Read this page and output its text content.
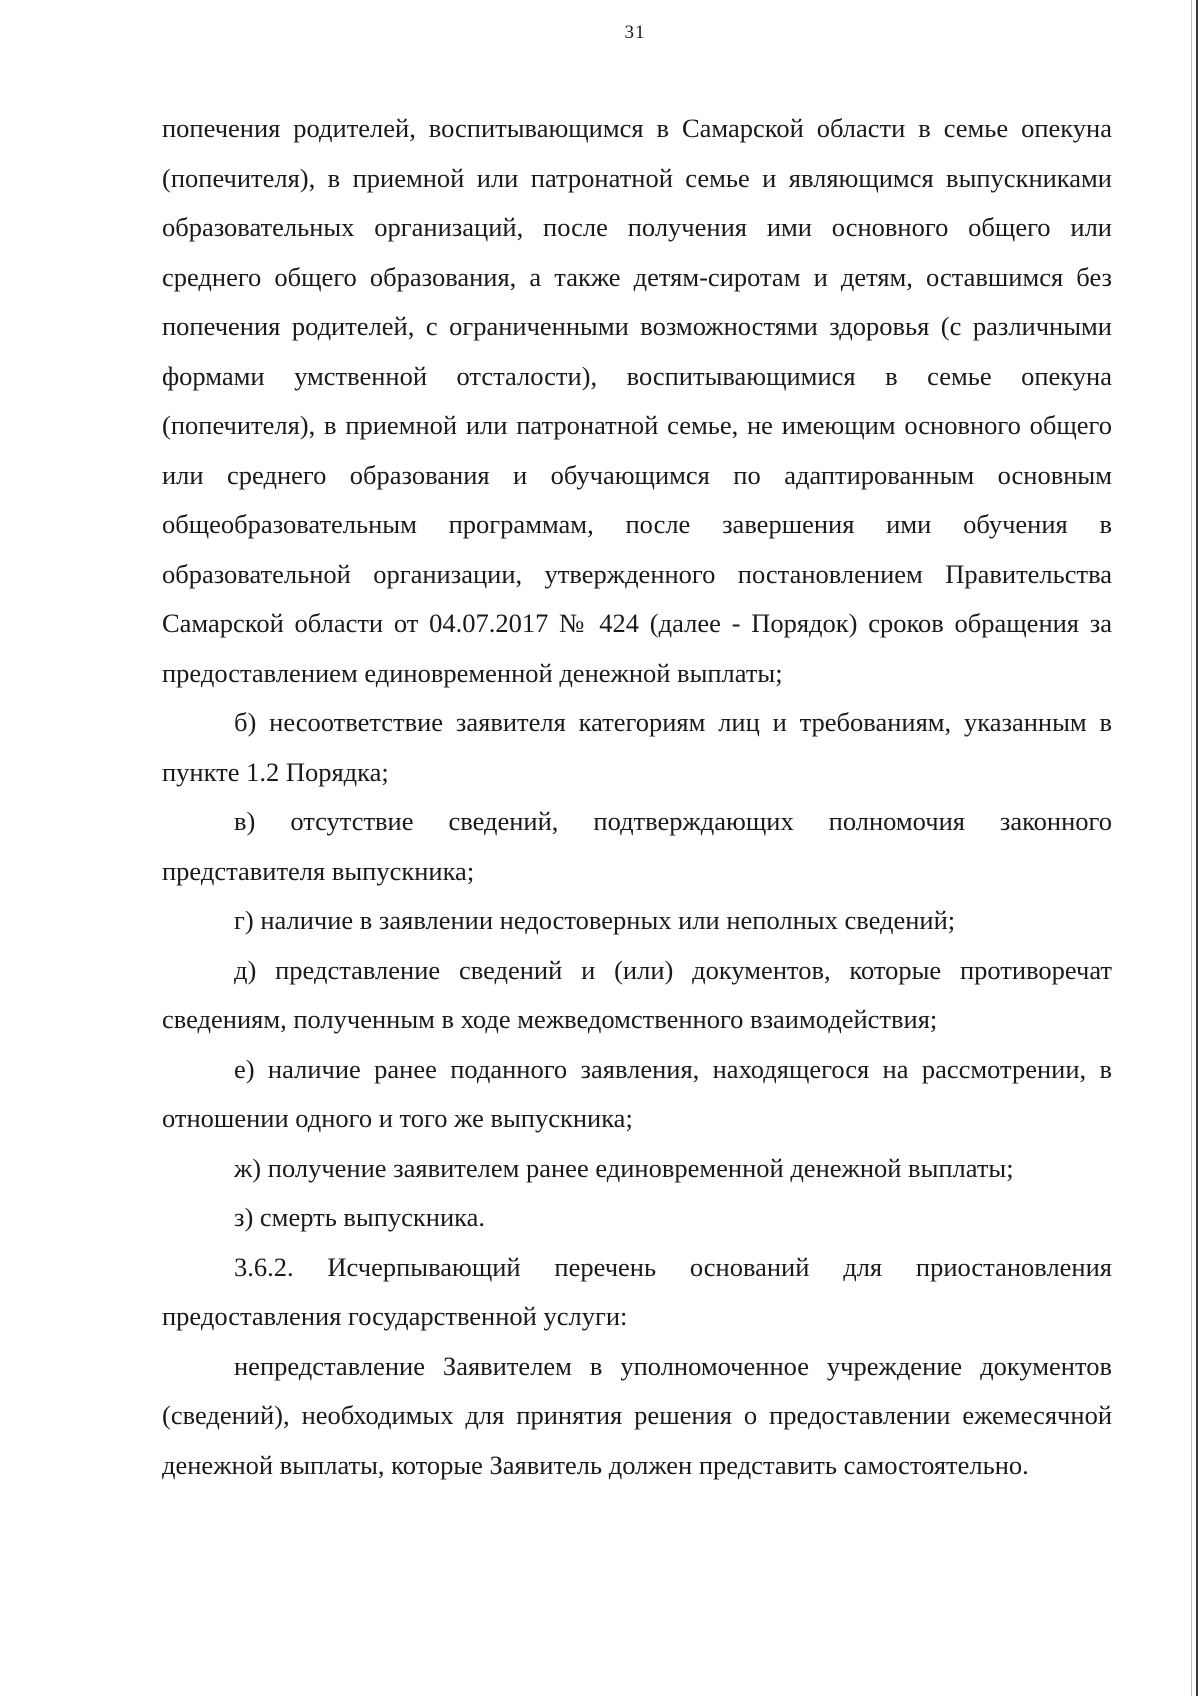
31

попечения родителей, воспитывающимся в Самарской области в семье опекуна (попечителя), в приемной или патронатной семье и являющимся выпускниками образовательных организаций, после получения ими основного общего или среднего общего образования, а также детям-сиротам и детям, оставшимся без попечения родителей, с ограниченными возможностями здоровья (с различными формами умственной отсталости), воспитывающимися в семье опекуна (попечителя), в приемной или патронатной семье, не имеющим основного общего или среднего образования и обучающимся по адаптированным основным общеобразовательным программам, после завершения ими обучения в образовательной организации, утвержденного постановлением Правительства Самарской области от 04.07.2017 № 424 (далее - Порядок) сроков обращения за предоставлением единовременной денежной выплаты;

б) несоответствие заявителя категориям лиц и требованиям, указанным в пункте 1.2 Порядка;

в) отсутствие сведений, подтверждающих полномочия законного представителя выпускника;

г) наличие в заявлении недостоверных или неполных сведений;

д) представление сведений и (или) документов, которые противоречат сведениям, полученным в ходе межведомственного взаимодействия;

е) наличие ранее поданного заявления, находящегося на рассмотрении, в отношении одного и того же выпускника;

ж) получение заявителем ранее единовременной денежной выплаты;

з) смерть выпускника.

3.6.2. Исчерпывающий перечень оснований для приостановления предоставления государственной услуги:

непредставление Заявителем в уполномоченное учреждение документов (сведений), необходимых для принятия решения о предоставлении ежемесячной денежной выплаты, которые Заявитель должен представить самостоятельно.
